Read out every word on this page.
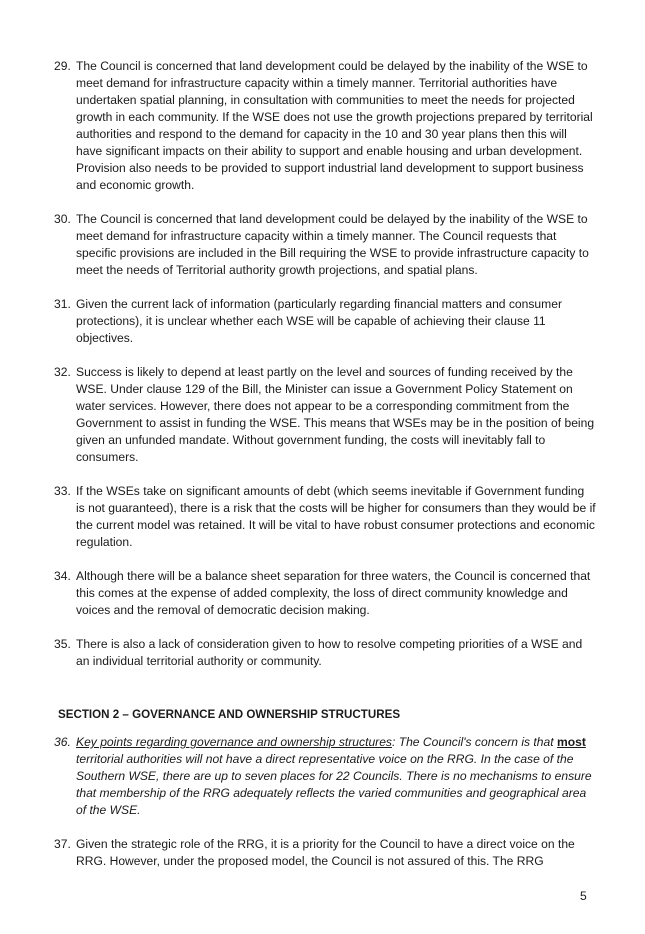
29. The Council is concerned that land development could be delayed by the inability of the WSE to meet demand for infrastructure capacity within a timely manner. Territorial authorities have undertaken spatial planning, in consultation with communities to meet the needs for projected growth in each community. If the WSE does not use the growth projections prepared by territorial authorities and respond to the demand for capacity in the 10 and 30 year plans then this will have significant impacts on their ability to support and enable housing and urban development. Provision also needs to be provided to support industrial land development to support business and economic growth.
30. The Council is concerned that land development could be delayed by the inability of the WSE to meet demand for infrastructure capacity within a timely manner. The Council requests that specific provisions are included in the Bill requiring the WSE to provide infrastructure capacity to meet the needs of Territorial authority growth projections, and spatial plans.
31. Given the current lack of information (particularly regarding financial matters and consumer protections), it is unclear whether each WSE will be capable of achieving their clause 11 objectives.
32. Success is likely to depend at least partly on the level and sources of funding received by the WSE. Under clause 129 of the Bill, the Minister can issue a Government Policy Statement on water services. However, there does not appear to be a corresponding commitment from the Government to assist in funding the WSE. This means that WSEs may be in the position of being given an unfunded mandate. Without government funding, the costs will inevitably fall to consumers.
33. If the WSEs take on significant amounts of debt (which seems inevitable if Government funding is not guaranteed), there is a risk that the costs will be higher for consumers than they would be if the current model was retained. It will be vital to have robust consumer protections and economic regulation.
34. Although there will be a balance sheet separation for three waters, the Council is concerned that this comes at the expense of added complexity, the loss of direct community knowledge and voices and the removal of democratic decision making.
35. There is also a lack of consideration given to how to resolve competing priorities of a WSE and an individual territorial authority or community.
SECTION 2 – GOVERNANCE AND OWNERSHIP STRUCTURES
36. Key points regarding governance and ownership structures: The Council's concern is that most territorial authorities will not have a direct representative voice on the RRG. In the case of the Southern WSE, there are up to seven places for 22 Councils. There is no mechanisms to ensure that membership of the RRG adequately reflects the varied communities and geographical area of the WSE.
37. Given the strategic role of the RRG, it is a priority for the Council to have a direct voice on the RRG. However, under the proposed model, the Council is not assured of this. The RRG
5
